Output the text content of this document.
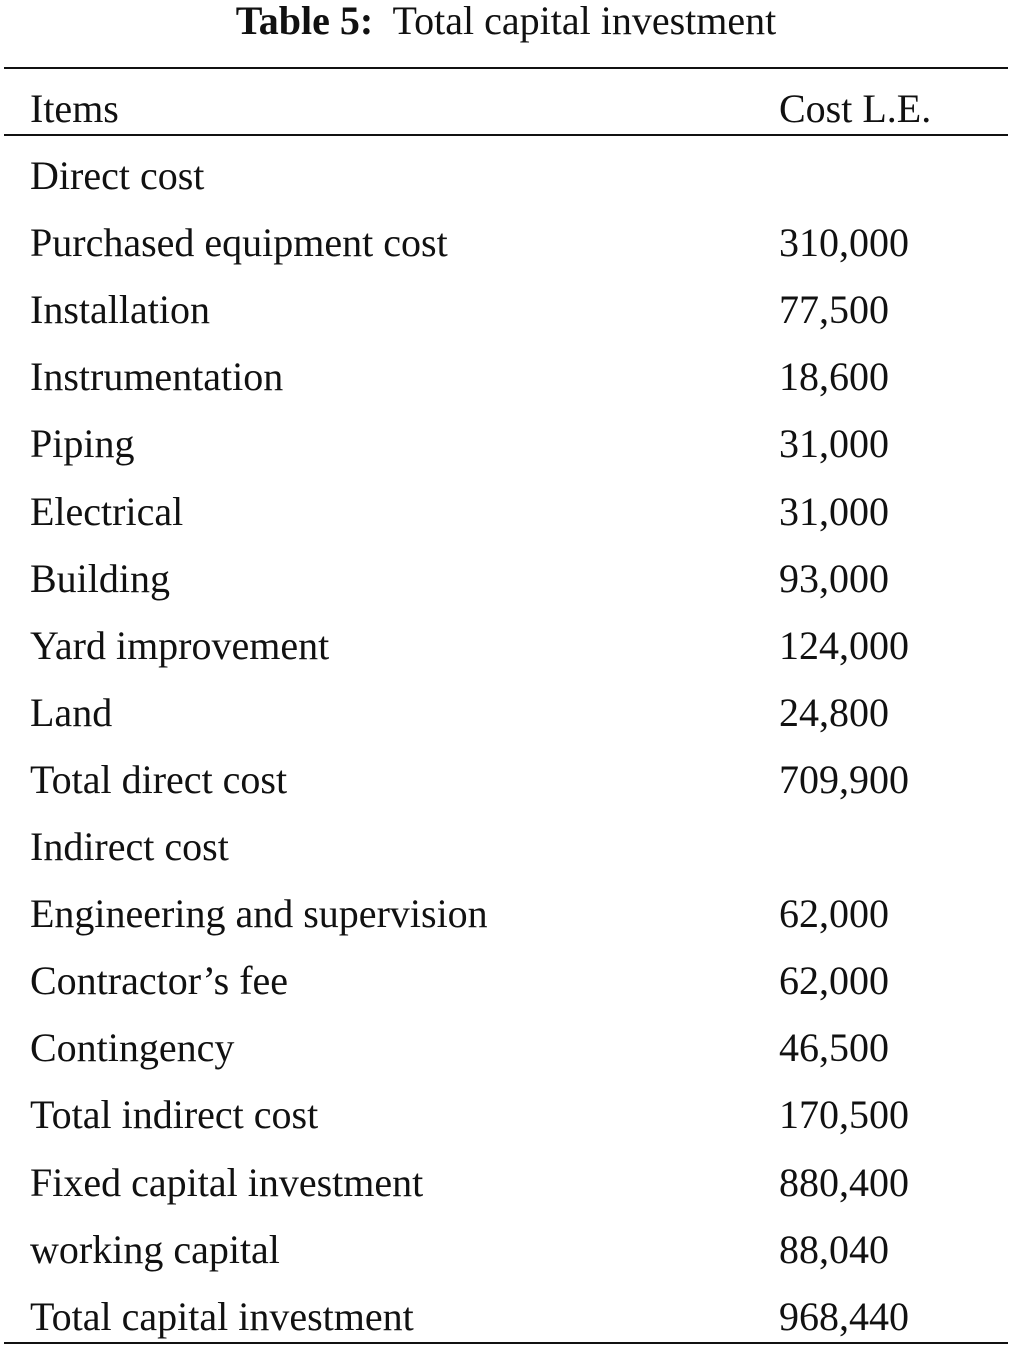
Table 5: Total capital investment
Items	Cost L.E.
Direct cost
Purchased equipment cost	310,000
Installation	77,500
Instrumentation	18,600
Piping	31,000
Electrical	31,000
Building	93,000
Yard improvement	124,000
Land	24,800
Total direct cost	709,900
Indirect cost
Engineering and supervision	62,000
Contractor’s fee	62,000
Contingency	46,500
Total indirect cost	170,500
Fixed capital investment	880,400
working capital	88,040
Total capital investment	968,440
